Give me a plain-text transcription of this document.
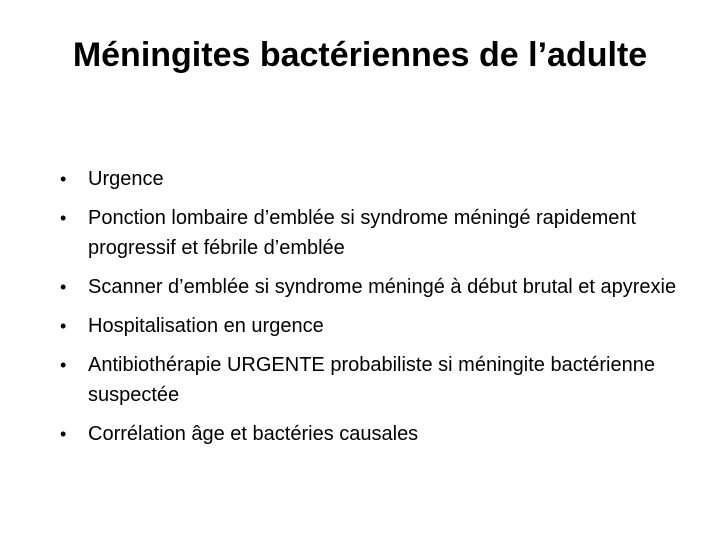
Méningites bactériennes de l’adulte
•	Urgence
•	Ponction lombaire d’emblée si syndrome méningé rapidement progressif et fébrile d’emblée
•	Scanner d’emblée si syndrome méningé à début brutal et apyrexie
•	Hospitalisation en urgence
•	Antibiothérapie URGENTE probabiliste si méningite bactérienne suspectée
•	Corrélation âge et bactéries causales
